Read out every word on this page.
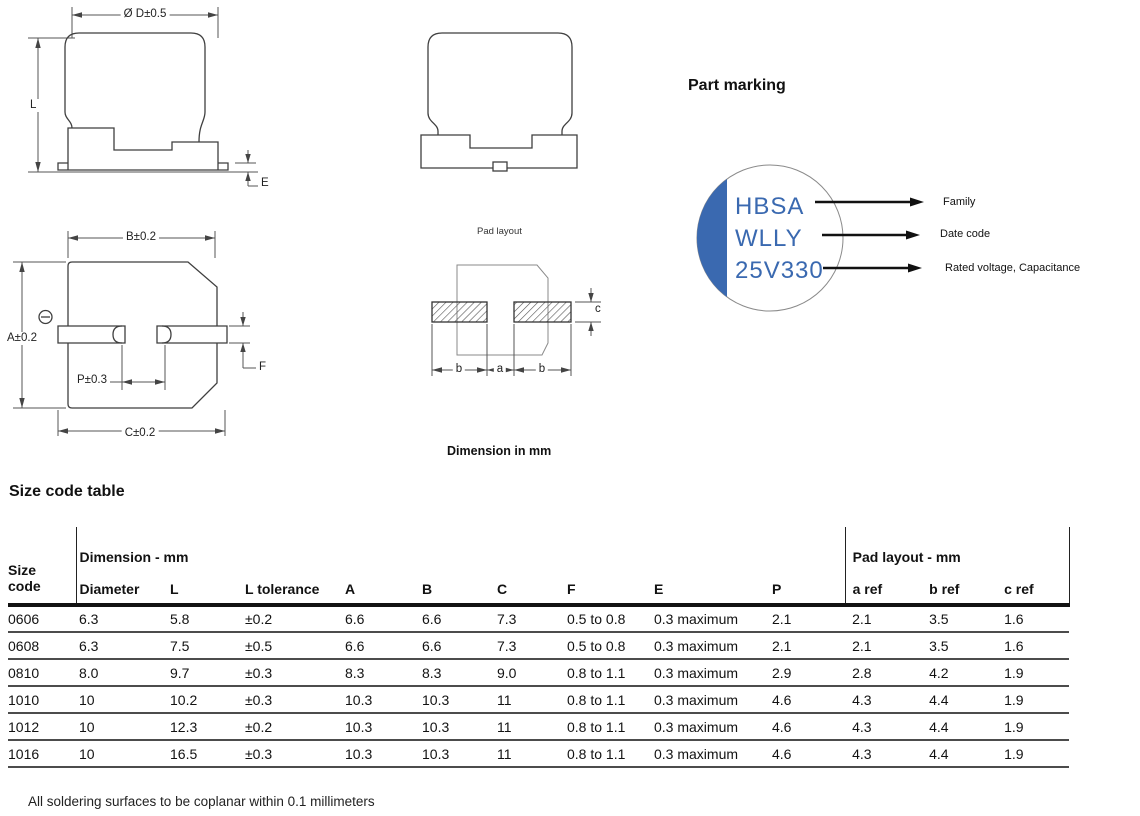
Ø D±0.5
L
E
B±0.2
A±0.2
P±0.3
F
C±0.2
Pad layout
c
b	a	b
Dimension in mm
Part marking
HBSA
WLLY
25V330
Family
Date code
Rated voltage, Capacitance
Size code table
Size
code	Dimension - mm									Pad layout - mm		
	Diameter	L	L tolerance	A	B	C	F	E	P	a ref	b ref	c ref
0606	6.3	5.8	±0.2	6.6	6.6	7.3	0.5 to 0.8	0.3 maximum	2.1	2.1	3.5	1.6
0608	6.3	7.5	±0.5	6.6	6.6	7.3	0.5 to 0.8	0.3 maximum	2.1	2.1	3.5	1.6
0810	8.0	9.7	±0.3	8.3	8.3	9.0	0.8 to 1.1	0.3 maximum	2.9	2.8	4.2	1.9
1010	10	10.2	±0.3	10.3	10.3	11	0.8 to 1.1	0.3 maximum	4.6	4.3	4.4	1.9
1012	10	12.3	±0.2	10.3	10.3	11	0.8 to 1.1	0.3 maximum	4.6	4.3	4.4	1.9
1016	10	16.5	±0.3	10.3	10.3	11	0.8 to 1.1	0.3 maximum	4.6	4.3	4.4	1.9
All soldering surfaces to be coplanar within 0.1 millimeters
